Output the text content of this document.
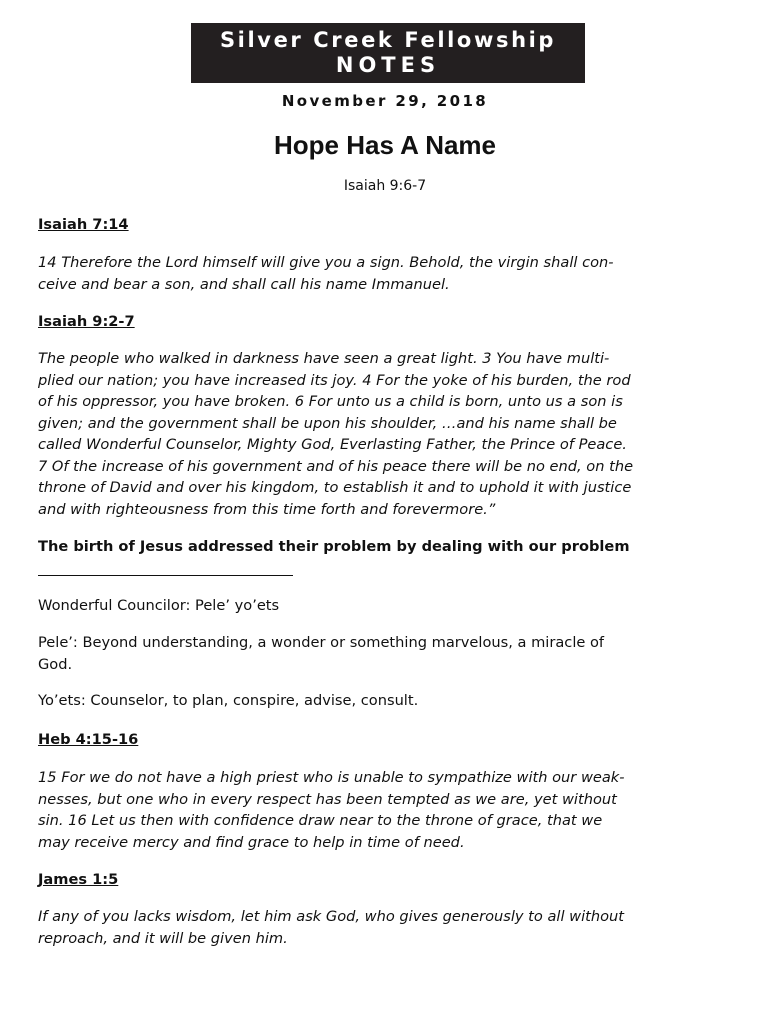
Silver Creek Fellowship
NOTES
November 29, 2018
Hope Has A Name
Isaiah 9:6-7
Isaiah 7:14
14 Therefore the Lord himself will give you a sign. Behold, the virgin shall con-
ceive and bear a son, and shall call his name Immanuel.
Isaiah 9:2-7
The people who walked in darkness have seen a great light. 3 You have multi-
plied our nation; you have increased its joy. 4 For the yoke of his burden, the rod
of his oppressor, you have broken. 6 For unto us a child is born, unto us a son is
given; and the government shall be upon his shoulder, …and his name shall be
called Wonderful Counselor, Mighty God, Everlasting Father, the Prince of Peace.
7 Of the increase of his government and of his peace there will be no end, on the
throne of David and over his kingdom, to establish it and to uphold it with justice
and with righteousness from this time forth and forevermore.”
The birth of Jesus addressed their problem by dealing with our problem
Wonderful Councilor: Pele’ yo’ets
Pele’: Beyond understanding, a wonder or something marvelous, a miracle of
God.
Yo’ets: Counselor, to plan, conspire, advise, consult.
Heb 4:15-16
15 For we do not have a high priest who is unable to sympathize with our weak-
nesses, but one who in every respect has been tempted as we are, yet without
sin. 16 Let us then with confidence draw near to the throne of grace, that we
may receive mercy and find grace to help in time of need.
James 1:5
If any of you lacks wisdom, let him ask God, who gives generously to all without
reproach, and it will be given him.
